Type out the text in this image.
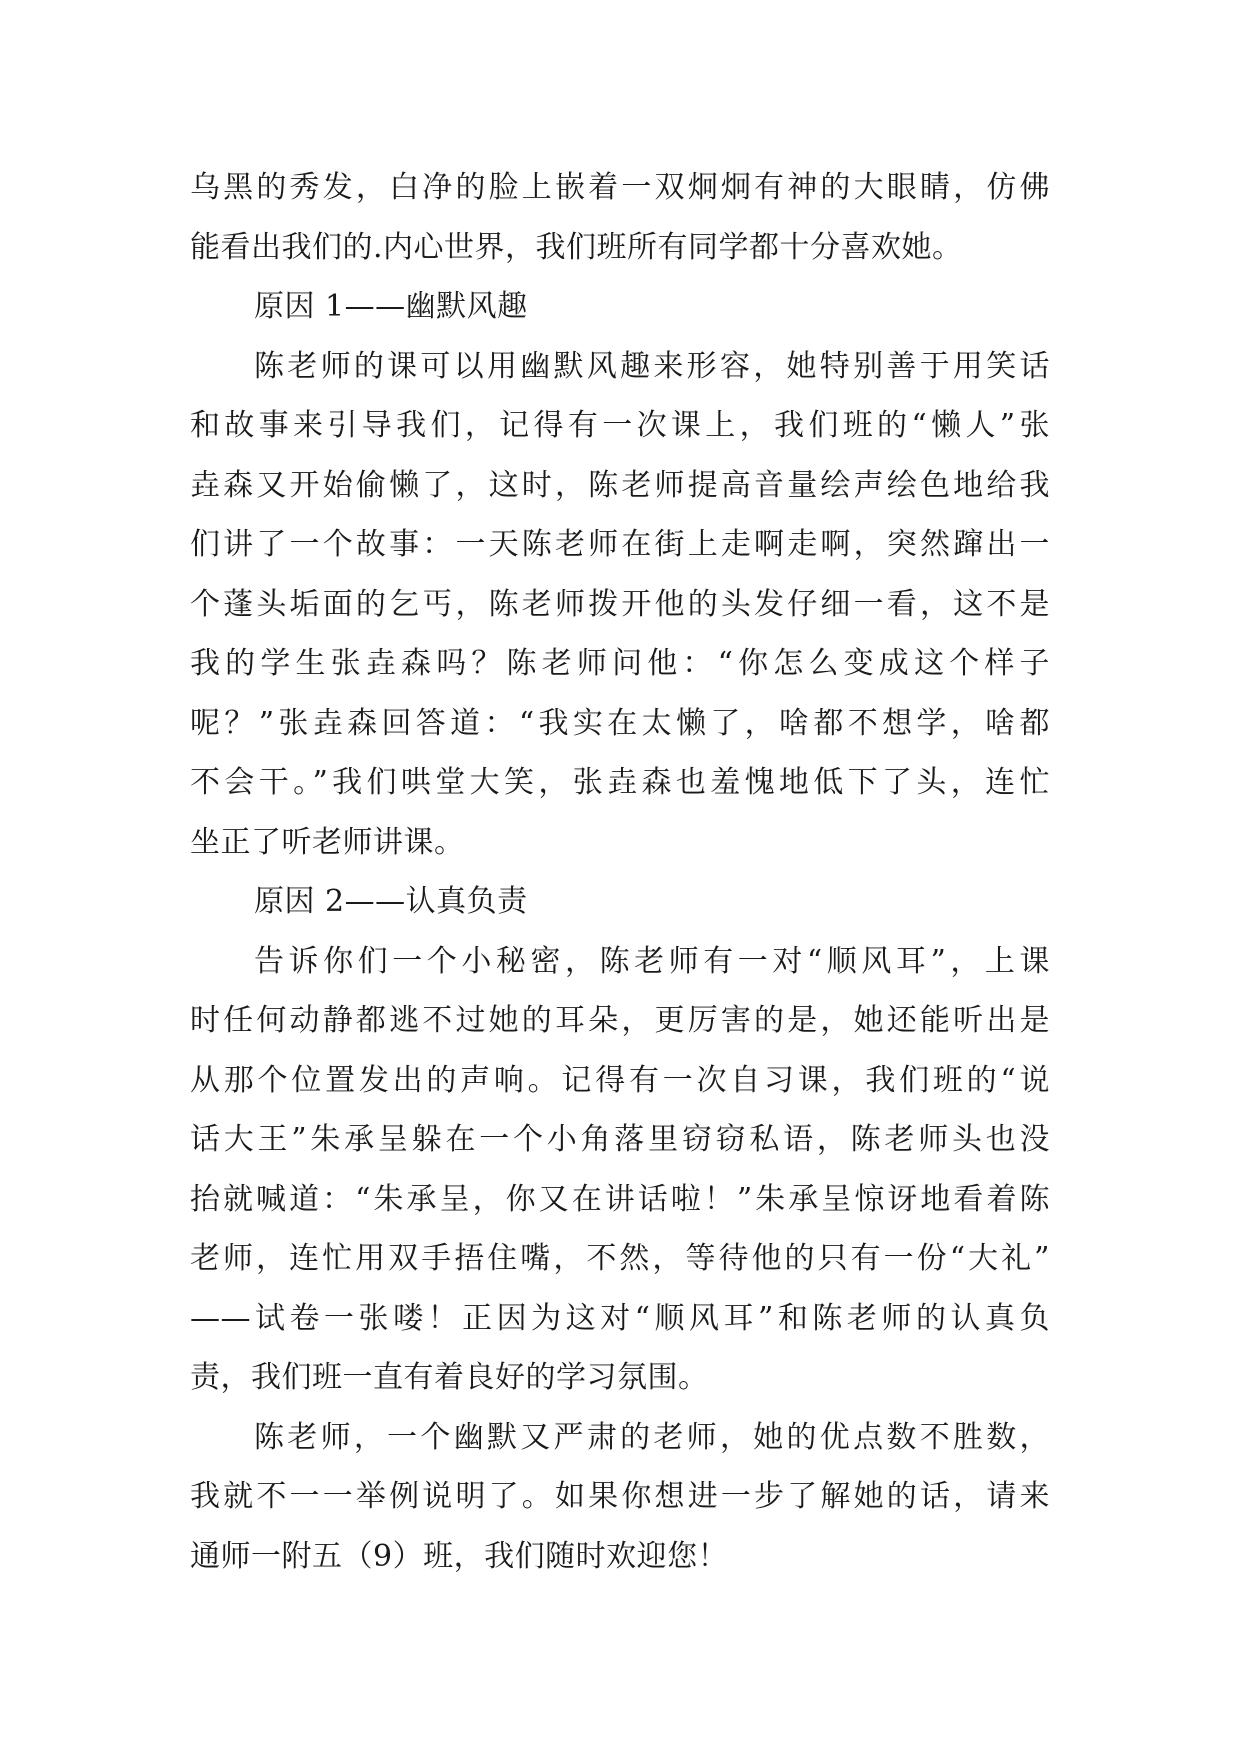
乌黑的秀发，白净的脸上嵌着一双炯炯有神的大眼睛，仿佛
能看出我们的.内心世界，我们班所有同学都十分喜欢她。
原因 1——幽默风趣
陈老师的课可以用幽默风趣来形容，她特别善于用笑话
和故事来引导我们，记得有一次课上，我们班的“懒人”张
垚森又开始偷懒了，这时，陈老师提高音量绘声绘色地给我
们讲了一个故事：一天陈老师在街上走啊走啊，突然蹿出一
个蓬头垢面的乞丐，陈老师拨开他的头发仔细一看，这不是
我的学生张垚森吗？陈老师问他：“你怎么变成这个样子
呢？”张垚森回答道：“我实在太懒了，啥都不想学，啥都
不会干。”我们哄堂大笑，张垚森也羞愧地低下了头，连忙
坐正了听老师讲课。
原因 2——认真负责
告诉你们一个小秘密，陈老师有一对“顺风耳”，上课
时任何动静都逃不过她的耳朵，更厉害的是，她还能听出是
从那个位置发出的声响。记得有一次自习课，我们班的“说
话大王”朱承呈躲在一个小角落里窃窃私语，陈老师头也没
抬就喊道：“朱承呈，你又在讲话啦！”朱承呈惊讶地看着陈
老师，连忙用双手捂住嘴，不然，等待他的只有一份“大礼”
——试卷一张喽！正因为这对“顺风耳”和陈老师的认真负
责，我们班一直有着良好的学习氛围。
陈老师，一个幽默又严肃的老师，她的优点数不胜数，
我就不一一举例说明了。如果你想进一步了解她的话，请来
通师一附五（9）班，我们随时欢迎您！
